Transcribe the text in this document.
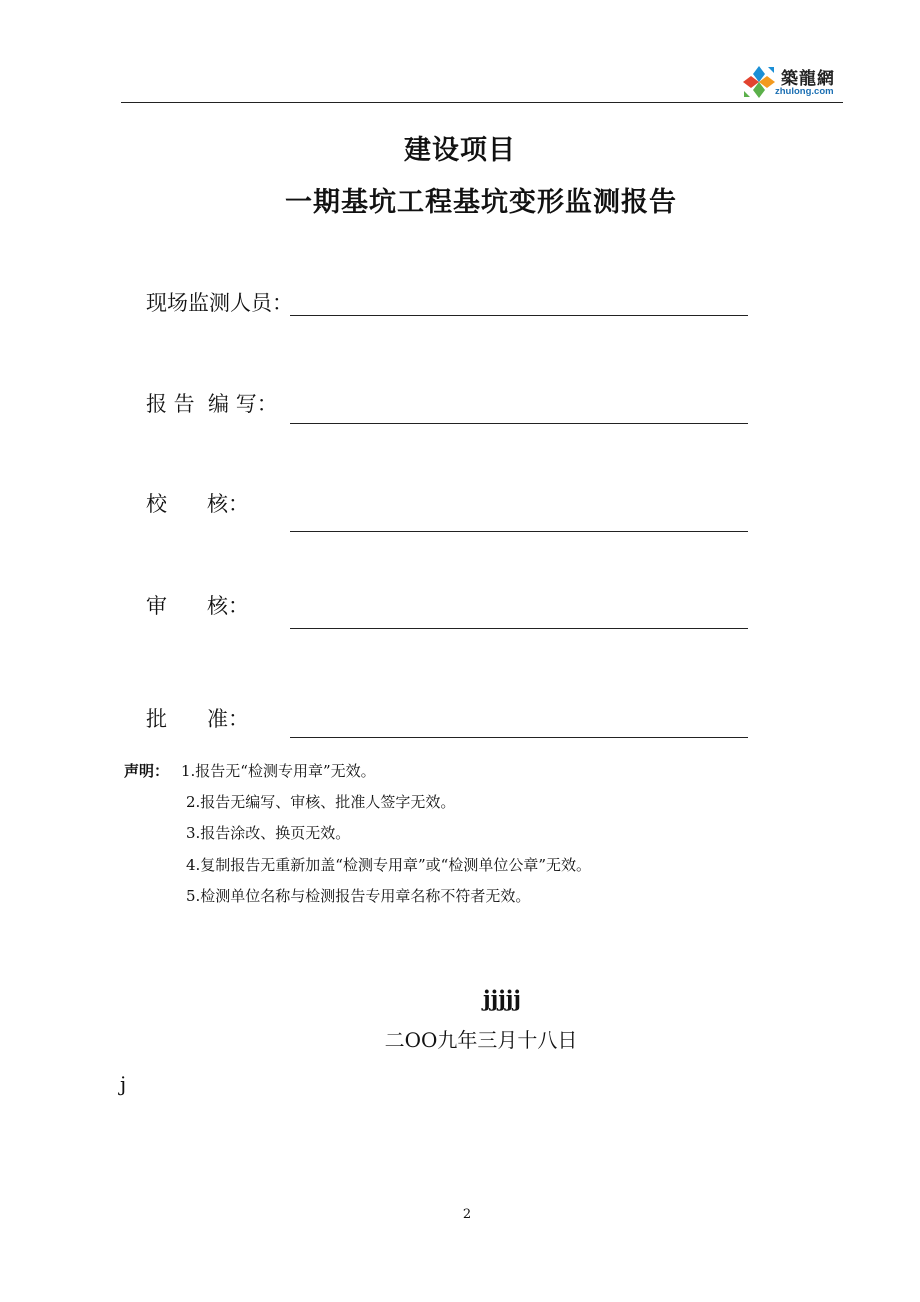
築龍網
zhulong.com
建设项目
一期基坑工程基坑变形监测报告
现场监测人员：
报 告  编 写：
校      核：
审      核：
批      准：
声明： 1.报告无“检测专用章”无效。
2.报告无编写、审核、批准人签字无效。
3.报告涂改、换页无效。
4.复制报告无重新加盖“检测专用章”或“检测单位公章”无效。
5.检测单位名称与检测报告专用章名称不符者无效。
jjjjj
二OO九年三月十八日
j
2
